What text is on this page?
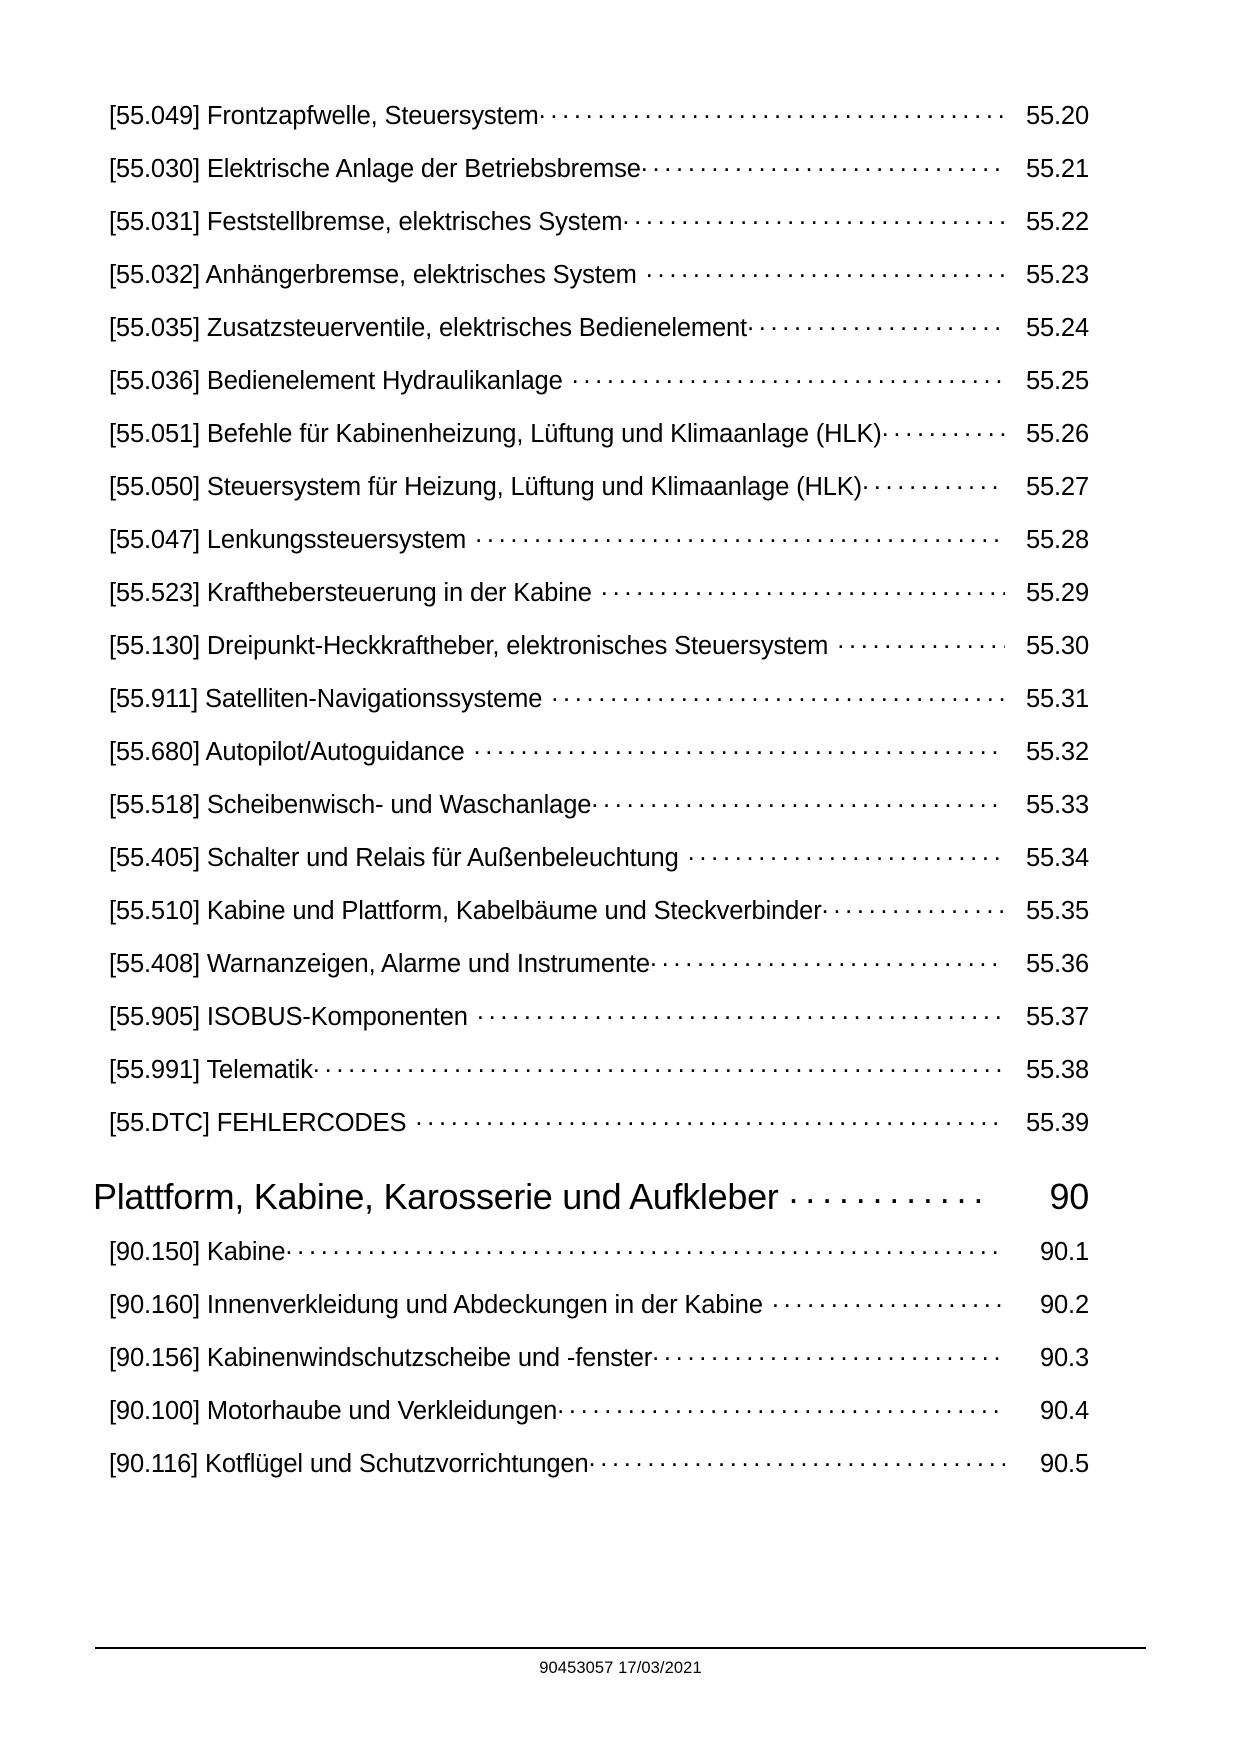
[55.049] Frontzapfwelle, Steuersystem . . .	55.20
[55.030] Elektrische Anlage der Betriebsbremse . . .	55.21
[55.031] Feststellbremse, elektrisches System . . .	55.22
[55.032] Anhängerbremse, elektrisches System . . .	55.23
[55.035] Zusatzsteuerventile, elektrisches Bedienelement . . .	55.24
[55.036] Bedienelement Hydraulikanlage . . .	55.25
[55.051] Befehle für Kabinenheizung, Lüftung und Klimaanlage (HLK) . . .	55.26
[55.050] Steuersystem für Heizung, Lüftung und Klimaanlage (HLK) . . .	55.27
[55.047] Lenkungssteuersystem . . .	55.28
[55.523] Krafthebersteuerung in der Kabine . . .	55.29
[55.130] Dreipunkt-Heckkraftheber, elektronisches Steuersystem . . .	55.30
[55.911] Satelliten-Navigationssysteme . . .	55.31
[55.680] Autopilot/Autoguidance . . .	55.32
[55.518] Scheibenwisch- und Waschanlage . . .	55.33
[55.405] Schalter und Relais für Außenbeleuchtung . . .	55.34
[55.510] Kabine und Plattform, Kabelbäume und Steckverbinder . . .	55.35
[55.408] Warnanzeigen, Alarme und Instrumente . . .	55.36
[55.905] ISOBUS-Komponenten . . .	55.37
[55.991] Telematik . . .	55.38
[55.DTC] FEHLERCODES . . .	55.39
Plattform, Kabine, Karosserie und Aufkleber . . .	90
[90.150] Kabine . . .	90.1
[90.160] Innenverkleidung und Abdeckungen in der Kabine . . .	90.2
[90.156] Kabinenwindschutzscheibe und -fenster . . .	90.3
[90.100] Motorhaube und Verkleidungen . . .	90.4
[90.116] Kotflügel und Schutzvorrichtungen . . .	90.5
90453057 17/03/2021
